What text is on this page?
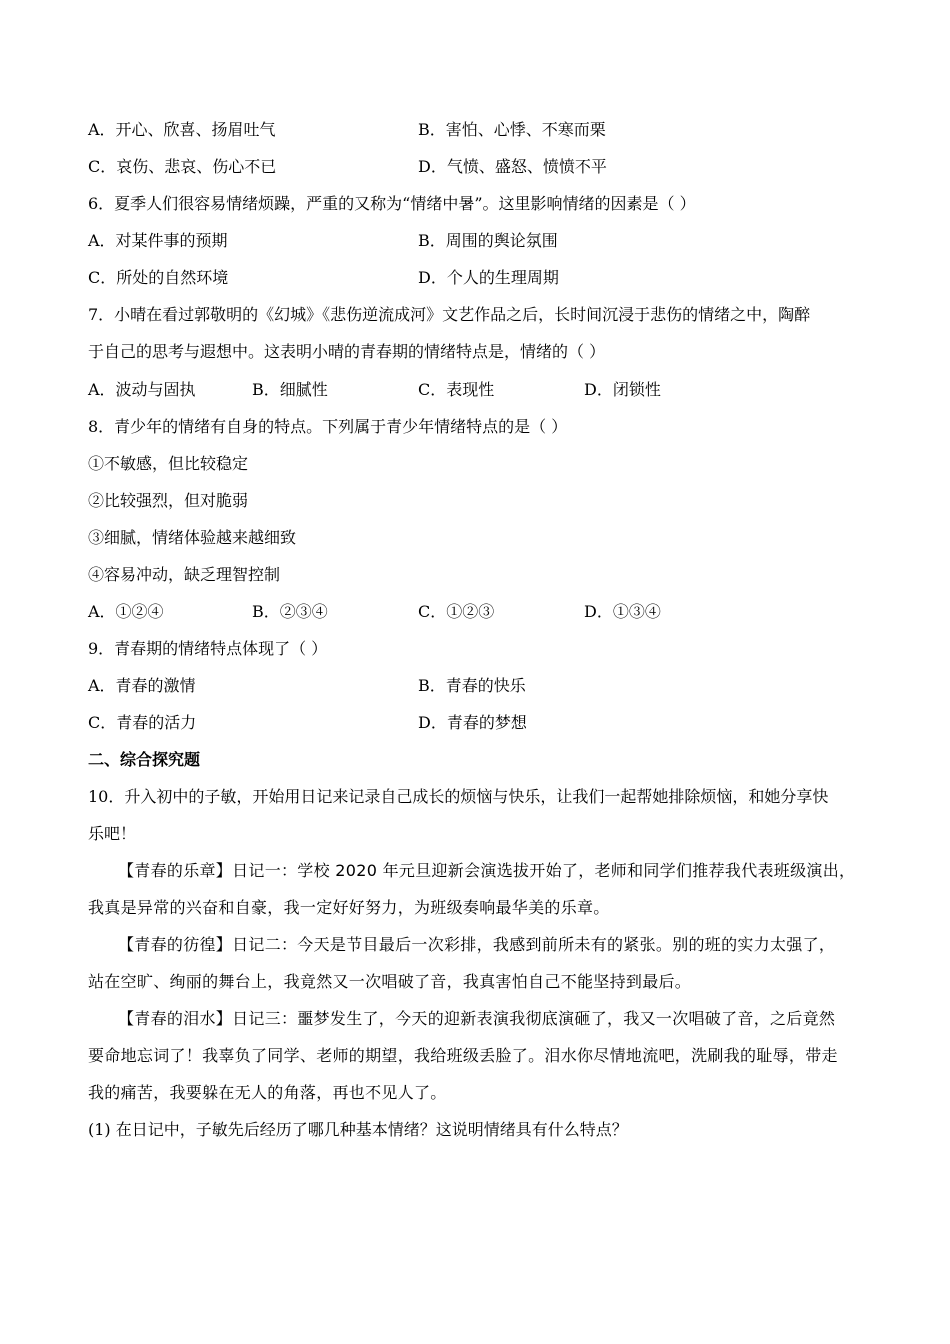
A．开心、欣喜、扬眉吐气	B．害怕、心悸、不寒而栗
C．哀伤、悲哀、伤心不已	D．气愤、盛怒、愤愤不平
6．夏季人们很容易情绪烦躁，严重的又称为“情绪中暑”。这里影响情绪的因素是（ ）
A．对某件事的预期	B．周围的舆论氛围
C．所处的自然环境	D．个人的生理周期
7．小晴在看过郭敬明的《幻城》《悲伤逆流成河》文艺作品之后，长时间沉浸于悲伤的情绪之中，陶醉
于自己的思考与遐想中。这表明小晴的青春期的情绪特点是，情绪的（ ）
A．波动与固执	B．细腻性	C．表现性	D．闭锁性
8．青少年的情绪有自身的特点。下列属于青少年情绪特点的是（ ）
①不敏感，但比较稳定
②比较强烈，但对脆弱
③细腻，情绪体验越来越细致
④容易冲动，缺乏理智控制
A．①②④	B．②③④	C．①②③	D．①③④
9．青春期的情绪特点体现了（ ）
A．青春的激情	B．青春的快乐
C．青春的活力	D．青春的梦想
二、综合探究题
10．升入初中的子敏，开始用日记来记录自己成长的烦恼与快乐，让我们一起帮她排除烦恼，和她分享快
乐吧！
【青春的乐章】日记一：学校 2020 年元旦迎新会演选拔开始了，老师和同学们推荐我代表班级演出，
我真是异常的兴奋和自豪，我一定好好努力，为班级奏响最华美的乐章。
【青春的彷徨】日记二：今天是节目最后一次彩排，我感到前所未有的紧张。别的班的实力太强了，
站在空旷、绚丽的舞台上，我竟然又一次唱破了音，我真害怕自己不能坚持到最后。
【青春的泪水】日记三：噩梦发生了，今天的迎新表演我彻底演砸了，我又一次唱破了音，之后竟然
要命地忘词了！我辜负了同学、老师的期望，我给班级丢脸了。泪水你尽情地流吧，洗刷我的耻辱，带走
我的痛苦，我要躲在无人的角落，再也不见人了。
(1) 在日记中，子敏先后经历了哪几种基本情绪？这说明情绪具有什么特点？
